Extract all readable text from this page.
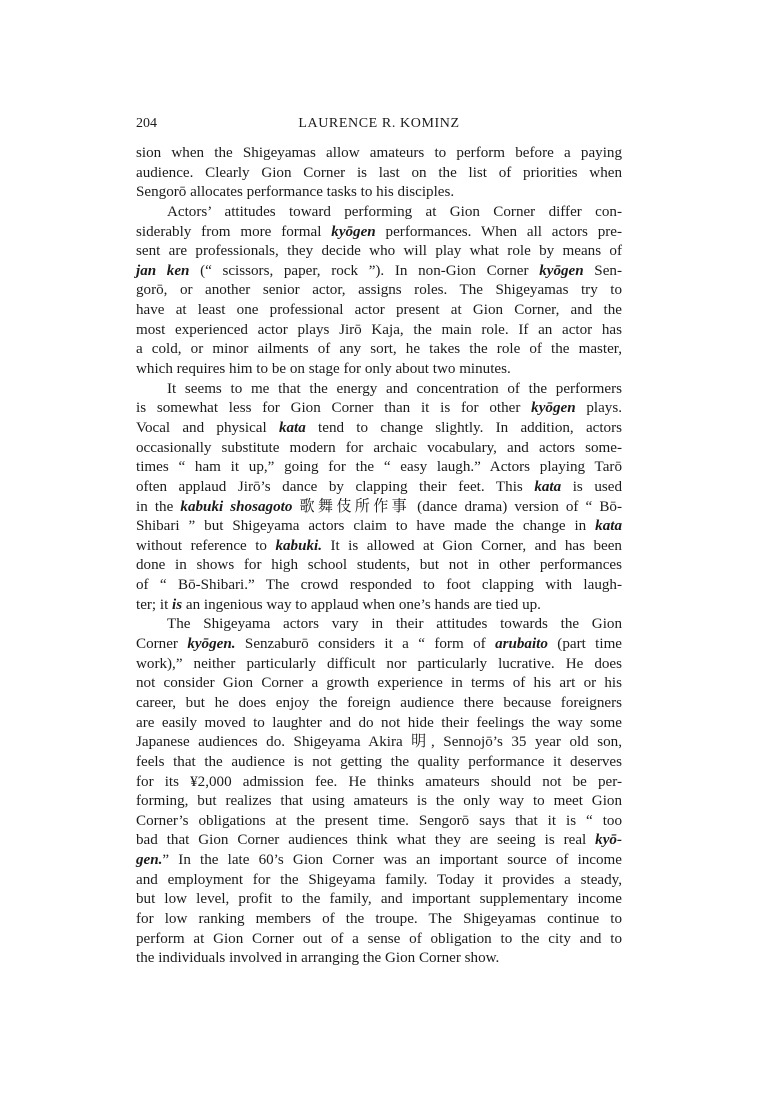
204	LAURENCE R. KOMINZ
sion when the Shigeyamas allow amateurs to perform before a paying
audience. Clearly Gion Corner is last on the list of priorities when
Sengorō allocates performance tasks to his disciples.
Actors’ attitudes toward performing at Gion Corner differ con-
siderably from more formal kyōgen performances. When all actors pre-
sent are professionals, they decide who will play what role by means of
jan ken (“ scissors, paper, rock ”). In non-Gion Corner kyōgen Sen-
gorō, or another senior actor, assigns roles. The Shigeyamas try to
have at least one professional actor present at Gion Corner, and the
most experienced actor plays Jirō Kaja, the main role. If an actor has
a cold, or minor ailments of any sort, he takes the role of the master,
which requires him to be on stage for only about two minutes.
It seems to me that the energy and concentration of the performers
is somewhat less for Gion Corner than it is for other kyōgen plays.
Vocal and physical kata tend to change slightly. In addition, actors
occasionally substitute modern for archaic vocabulary, and actors some-
times “ ham it up,” going for the “ easy laugh.” Actors playing Tarō
often applaud Jirō’s dance by clapping their feet. This kata is used
in the kabuki shosagoto 歌舞伎所作事 (dance drama) version of “ Bō-
Shibari ” but Shigeyama actors claim to have made the change in kata
without reference to kabuki. It is allowed at Gion Corner, and has been
done in shows for high school students, but not in other performances
of “ Bō-Shibari.” The crowd responded to foot clapping with laugh-
ter; it is an ingenious way to applaud when one’s hands are tied up.
The Shigeyama actors vary in their attitudes towards the Gion
Corner kyōgen. Senzaburō considers it a “ form of arubaito (part time
work),” neither particularly difficult nor particularly lucrative. He does
not consider Gion Corner a growth experience in terms of his art or his
career, but he does enjoy the foreign audience there because foreigners
are easily moved to laughter and do not hide their feelings the way some
Japanese audiences do. Shigeyama Akira 明, Sennojō’s 35 year old son,
feels that the audience is not getting the quality performance it deserves
for its ¥2,000 admission fee. He thinks amateurs should not be per-
forming, but realizes that using amateurs is the only way to meet Gion
Corner’s obligations at the present time. Sengorō says that it is “ too
bad that Gion Corner audiences think what they are seeing is real kyō-
gen.” In the late 60’s Gion Corner was an important source of income
and employment for the Shigeyama family. Today it provides a steady,
but low level, profit to the family, and important supplementary income
for low ranking members of the troupe. The Shigeyamas continue to
perform at Gion Corner out of a sense of obligation to the city and to
the individuals involved in arranging the Gion Corner show.
